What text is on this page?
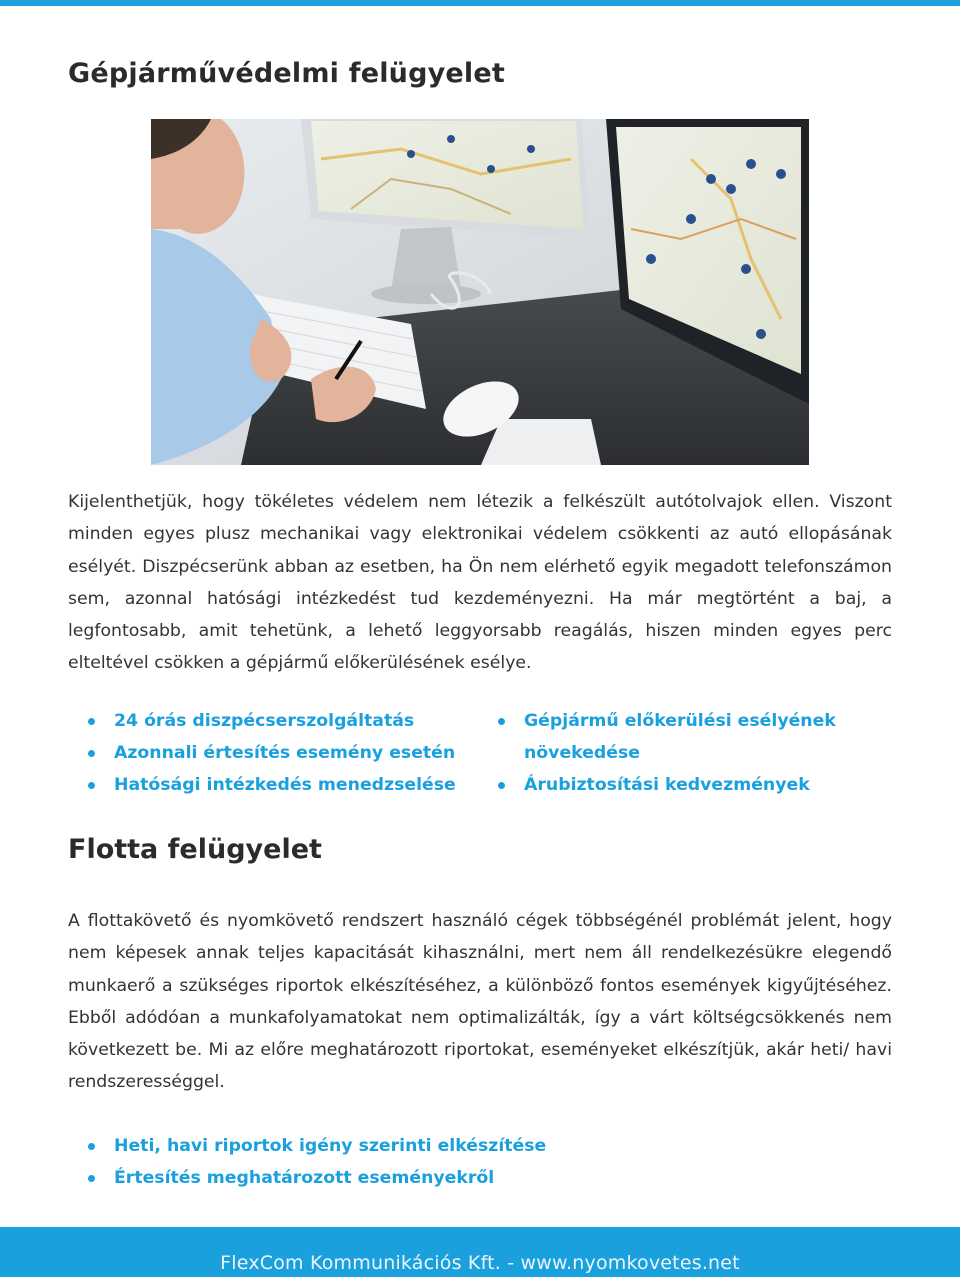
Gépjárművédelmi felügyelet

Kijelenthetjük, hogy tökéletes védelem nem létezik a felkészült autótolvajok ellen. Viszont minden egyes plusz mechanikai vagy elektronikai védelem csökkenti az autó ellopásának esélyét. Diszpécserünk abban az esetben, ha Ön nem elérhető egyik megadott telefonszámon sem, azonnal hatósági intézkedést tud kezdeményezni. Ha már megtörtént a baj, a legfontosabb, amit tehetünk, a lehető leggyorsabb reagálás, hiszen minden egyes perc elteltével csökken a gépjármű előkerülésének esélye.

24 órás diszpécserszolgáltatás
Azonnali értesítés esemény esetén
Hatósági intézkedés menedzselése
Gépjármű előkerülési esélyének növekedése
Árubiztosítási kedvezmények
Flotta felügyelet

A flottakövető és nyomkövető rendszert használó cégek többségénél problémát jelent, hogy nem képesek annak teljes kapacitását kihasználni, mert nem áll rendelkezésükre elegendő munkaerő a szükséges riportok elkészítéséhez, a különböző fontos események kigyűjtéséhez. Ebből adódóan a munkafolyamatokat nem optimalizálták, így a várt költségcsökkenés nem következett be. Mi az előre meghatározott riportokat, eseményeket elkészítjük, akár heti/ havi rendszerességgel.

Heti, havi riportok igény szerinti elkészítése
Értesítés meghatározott eseményekről
FlexCom Kommunikációs Kft. - www.nyomkovetes.net
